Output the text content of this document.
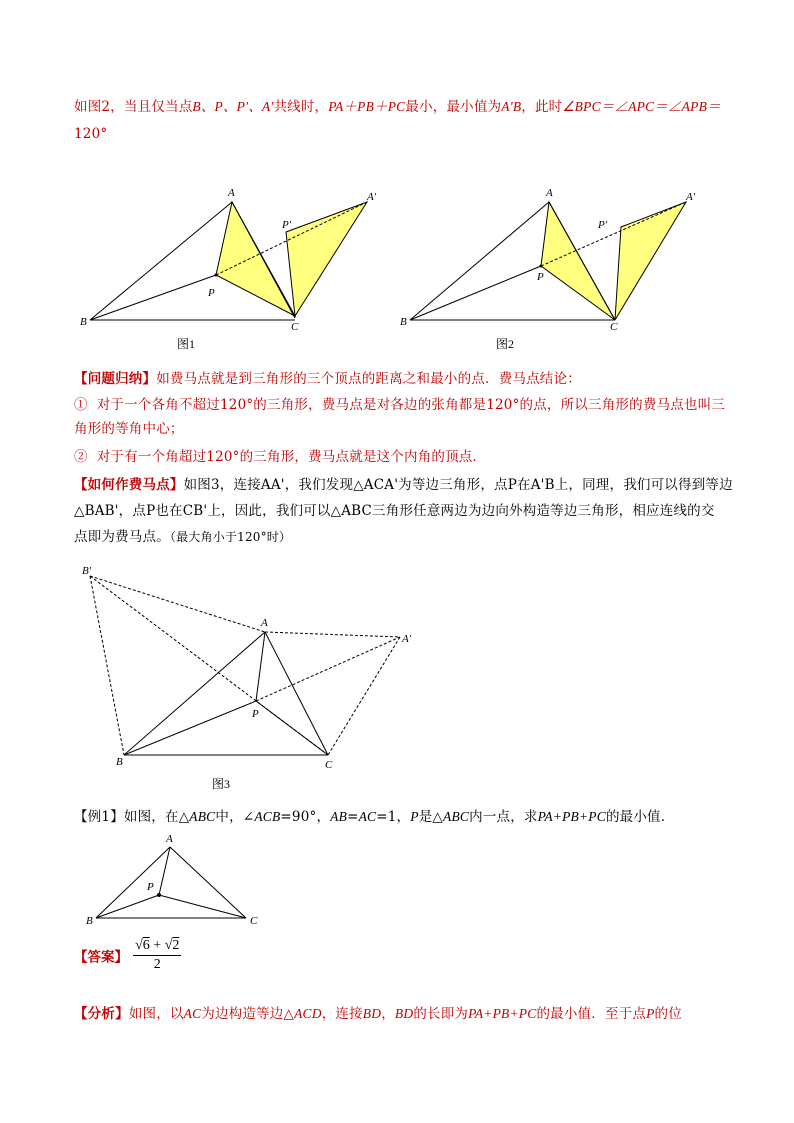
如图2，当且仅当点B、P、P'、A'共线时，PA＋PB＋PC最小，最小值为A'B，此时∠BPC＝∠APC＝∠APB＝
120°
A	A'
P'
P
B	C
图1
A	A'
P'
P
B	C
图2
【问题归纳】如费马点就是到三角形的三个顶点的距离之和最小的点．费马点结论：
① 对于一个各角不超过120°的三角形，费马点是对各边的张角都是120°的点，所以三角形的费马点也叫三
角形的等角中心；
② 对于有一个角超过120°的三角形，费马点就是这个内角的顶点．
【如何作费马点】如图3，连接AA'，我们发现△ACA'为等边三角形，点P在A'B上，同理，我们可以得到等边
△BAB'，点P也在CB'上，因此，我们可以△ABC三角形任意两边为边向外构造等边三角形，相应连线的交
点即为费马点。（最大角小于120°时）
B'
A
A'
P
B	C
图3
【例1】如图，在△ABC中，∠ACB=90°，AB=AC=1，P是△ABC内一点，求PA+PB+PC的最小值．
A
P
B	C
【答案】 $\frac{√6 + √2}{2}$
【分析】如图，以AC为边构造等边△ACD，连接BD，BD的长即为PA+PB+PC的最小值．至于点P的位
